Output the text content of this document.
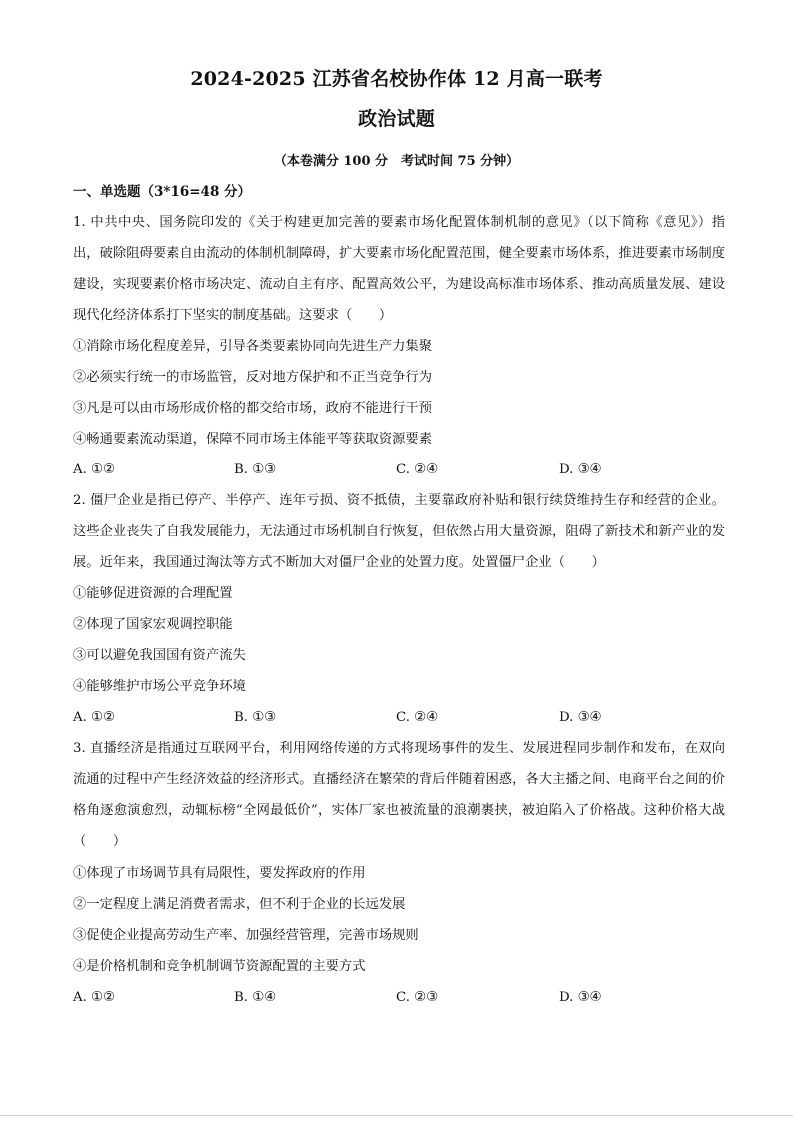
2024-2025 江苏省名校协作体 12 月高一联考
政治试题
（本卷满分 100 分　考试时间 75 分钟）
一、单选题（3*16=48 分）
1. 中共中央、国务院印发的《关于构建更加完善的要素市场化配置体制机制的意见》（以下简称《意见》）指出，破除阻碍要素自由流动的体制机制障碍，扩大要素市场化配置范围，健全要素市场体系，推进要素市场制度建设，实现要素价格市场决定、流动自主有序、配置高效公平，为建设高标准市场体系、推动高质量发展、建设现代化经济体系打下坚实的制度基础。这要求（　　）
①消除市场化程度差异，引导各类要素协同向先进生产力集聚
②必须实行统一的市场监管，反对地方保护和不正当竞争行为
③凡是可以由市场形成价格的都交给市场，政府不能进行干预
④畅通要素流动渠道，保障不同市场主体能平等获取资源要素
A. ①②	B. ①③	C. ②④	D. ③④
2. 僵尸企业是指已停产、半停产、连年亏损、资不抵债，主要靠政府补贴和银行续贷维持生存和经营的企业。这些企业丧失了自我发展能力，无法通过市场机制自行恢复，但依然占用大量资源，阻碍了新技术和新产业的发展。近年来，我国通过淘汰等方式不断加大对僵尸企业的处置力度。处置僵尸企业（　　）
①能够促进资源的合理配置
②体现了国家宏观调控职能
③可以避免我国国有资产流失
④能够维护市场公平竞争环境
A. ①②	B. ①③	C. ②④	D. ③④
3. 直播经济是指通过互联网平台，利用网络传递的方式将现场事件的发生、发展进程同步制作和发布，在双向流通的过程中产生经济效益的经济形式。直播经济在繁荣的背后伴随着困惑，各大主播之间、电商平台之间的价格角逐愈演愈烈，动辄标榜“全网最低价”，实体厂家也被流量的浪潮裹挟，被迫陷入了价格战。这种价格大战（　　）
①体现了市场调节具有局限性，要发挥政府的作用
②一定程度上满足消费者需求，但不利于企业的长远发展
③促使企业提高劳动生产率、加强经营管理，完善市场规则
④是价格机制和竞争机制调节资源配置的主要方式
A. ①②	B. ①④	C. ②③	D. ③④
